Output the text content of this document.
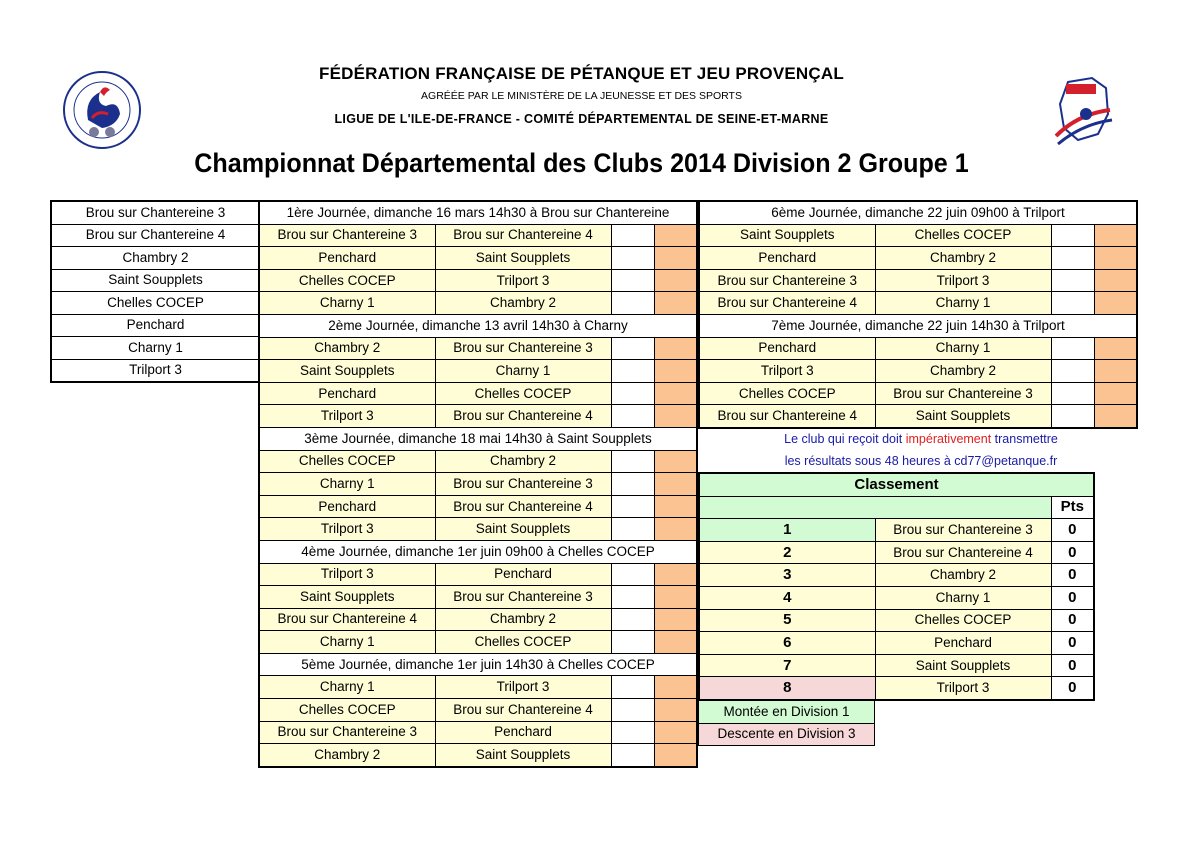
FÉDÉRATION FRANÇAISE DE PÉTANQUE ET JEU PROVENÇAL
AGRÉÉE PAR LE MINISTÈRE DE LA JEUNESSE ET DES SPORTS
LIGUE DE L'ILE-DE-FRANCE - COMITÉ DÉPARTEMENTAL DE SEINE-ET-MARNE
Championnat Départemental des Clubs 2014 Division 2 Groupe 1
Brou sur Chantereine 3
Brou sur Chantereine 4
Chambry 2
Saint Soupplets
Chelles COCEP
Penchard
Charny 1
Trilport 3
1ère Journée, dimanche 16 mars 14h30 à Brou sur Chantereine			
Brou sur Chantereine 3	Brou sur Chantereine 4		
Penchard	Saint Soupplets		
Chelles COCEP	Trilport 3		
Charny 1	Chambry 2		
2ème Journée, dimanche 13 avril 14h30 à Charny			
Chambry 2	Brou sur Chantereine 3		
Saint Soupplets	Charny 1		
Penchard	Chelles COCEP		
Trilport 3	Brou sur Chantereine 4		
3ème Journée, dimanche 18 mai 14h30 à Saint Soupplets			
Chelles COCEP	Chambry 2		
Charny 1	Brou sur Chantereine 3		
Penchard	Brou sur Chantereine 4		
Trilport 3	Saint Soupplets		
4ème Journée, dimanche 1er juin 09h00 à Chelles COCEP			
Trilport 3	Penchard		
Saint Soupplets	Brou sur Chantereine 3		
Brou sur Chantereine 4	Chambry 2		
Charny 1	Chelles COCEP		
5ème Journée, dimanche 1er juin 14h30 à Chelles COCEP			
Charny 1	Trilport 3		
Chelles COCEP	Brou sur Chantereine 4		
Brou sur Chantereine 3	Penchard		
Chambry 2	Saint Soupplets		
6ème Journée, dimanche 22 juin 09h00 à Trilport			
Saint Soupplets	Chelles COCEP		
Penchard	Chambry 2		
Brou sur Chantereine 3	Trilport 3		
Brou sur Chantereine 4	Charny 1		
7ème Journée, dimanche 22 juin 14h30 à Trilport			
Penchard	Charny 1		
Trilport 3	Chambry 2		
Chelles COCEP	Brou sur Chantereine 3		
Brou sur Chantereine 4	Saint Soupplets		
Le club qui reçoit doit impérativement transmettre
les résultats sous 48 heures à cd77@petanque.fr
Classement		
		Pts
1	Brou sur Chantereine 3	0
2	Brou sur Chantereine 4	0
3	Chambry 2	0
4	Charny 1	0
5	Chelles COCEP	0
6	Penchard	0
7	Saint Soupplets	0
8	Trilport 3	0
Montée en Division 1
Descente en Division 3
